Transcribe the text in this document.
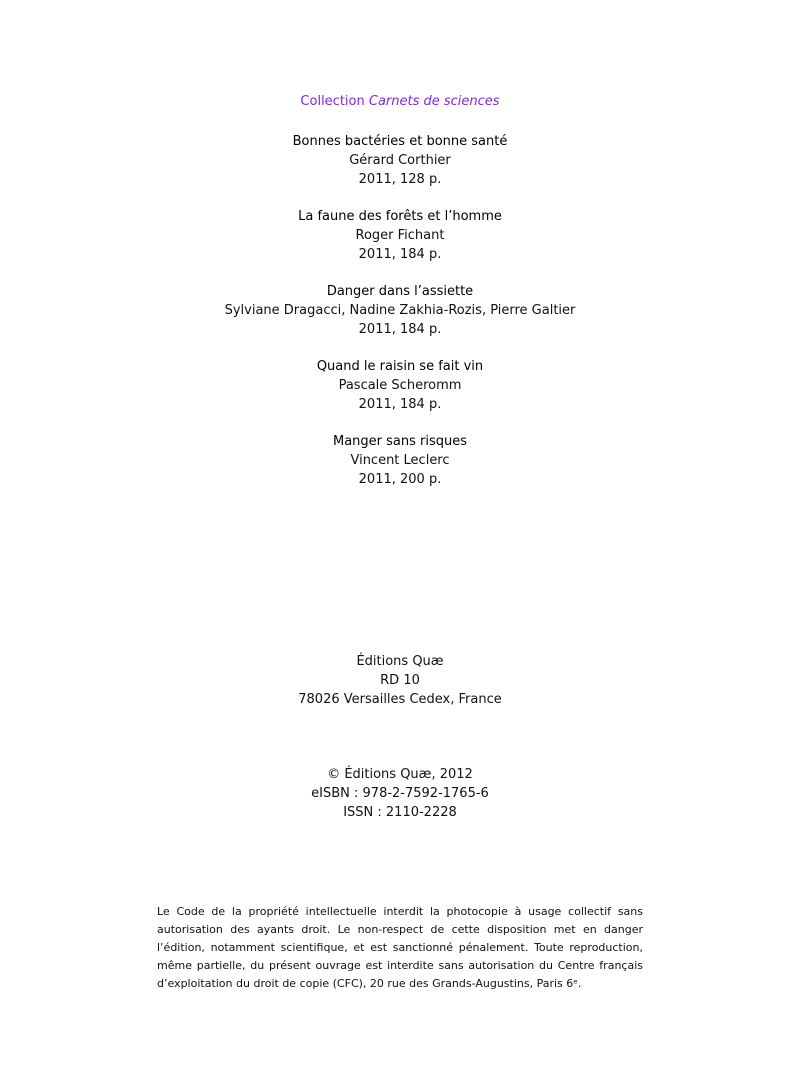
Collection Carnets de sciences
Bonnes bactéries et bonne santé
Gérard Corthier
2011, 128 p.
La faune des forêts et l’homme
Roger Fichant
2011, 184 p.
Danger dans l’assiette
Sylviane Dragacci, Nadine Zakhia-Rozis, Pierre Galtier
2011, 184 p.
Quand le raisin se fait vin
Pascale Scheromm
2011, 184 p.
Manger sans risques
Vincent Leclerc
2011, 200 p.
Éditions Quæ
RD 10
78026 Versailles Cedex, France
© Éditions Quæ, 2012
eISBN : 978-2-7592-1765-6
ISSN : 2110-2228
Le Code de la propriété intellectuelle interdit la photocopie à usage collectif sans autorisation des ayants droit. Le non-respect de cette disposition met en danger l’édition, notamment scientifique, et est sanctionné pénalement. Toute reproduction, même partielle, du présent ouvrage est interdite sans autorisation du Centre français d’exploitation du droit de copie (CFC), 20 rue des Grands-Augustins, Paris 6ᵉ.
